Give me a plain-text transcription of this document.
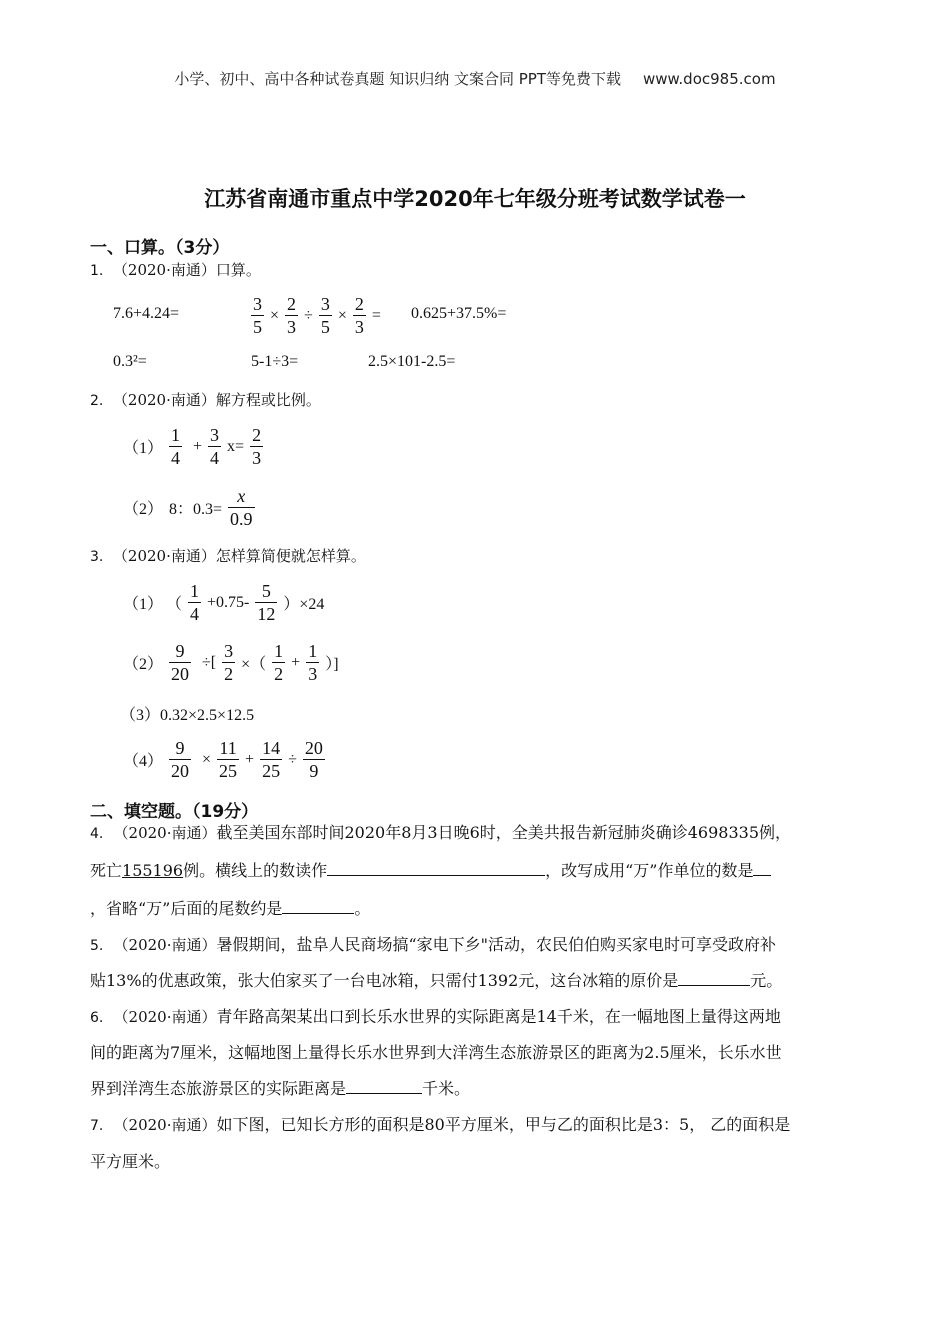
小学、初中、高中各种试卷真题 知识归纳 文案合同 PPT等免费下载 www.doc985.com
江苏省南通市重点中学2020年七年级分班考试数学试卷一
一、口算。（3分）
1. （2020·南通）口算。
7.6+4.24=	$\frac{3}{5} \times \frac{2}{3} \div \frac{3}{5} \times \frac{2}{3} = 0.625+37.5\%=$
0.3²=	5-1÷3=	2.5×101-2.5=
2. （2020·南通）解方程或比例。
$(1) \frac{1}{4} + \frac{3}{4} x= \frac{2}{3}$
（2） 8：$0.3= \frac{x}{0.9}$
3. （2020·南通）怎样算简便就怎样算。
（1） （ $\frac{1}{4} +0.75- \frac{5}{12} )\times 24$
$(2) \frac{9}{20}$ ÷[ $\frac{3}{2}$ ×（ $\frac{1}{2} + \frac{1}{3}$ ）]
（3）0.32×2.5×12.5
$(4) \frac{9}{20} \times \frac{11}{25} + \frac{14}{25} \div \frac{20}{9}$
二、填空题。（19分）
4. （2020·南通）截至美国东部时间2020年8月3日晚6时，全美共报告新冠肺炎确诊4698335例，
死亡155196例。横线上的数读作	，改写成用“万”作单位的数是
，省略“万”后面的尾数约是	。
5. （2020·南通）暑假期间，盐阜人民商场搞“家电下乡"活动，农民伯伯购买家电时可享受政府补
贴13%的优惠政策，张大伯家买了一台电冰箱，只需付1392元，这台冰箱的原价是	元。
6. （2020·南通）青年路高架某出口到长乐水世界的实际距离是14千米，在一幅地图上量得这两地
间的距离为7厘米，这幅地图上量得长乐水世界到大洋湾生态旅游景区的距离为2.5厘米，长乐水世
界到洋湾生态旅游景区的实际距离是	千米。
7. （2020·南通）如下图，已知长方形的面积是80平方厘米，甲与乙的面积比是3：5， 乙的面积是
平方厘米。
